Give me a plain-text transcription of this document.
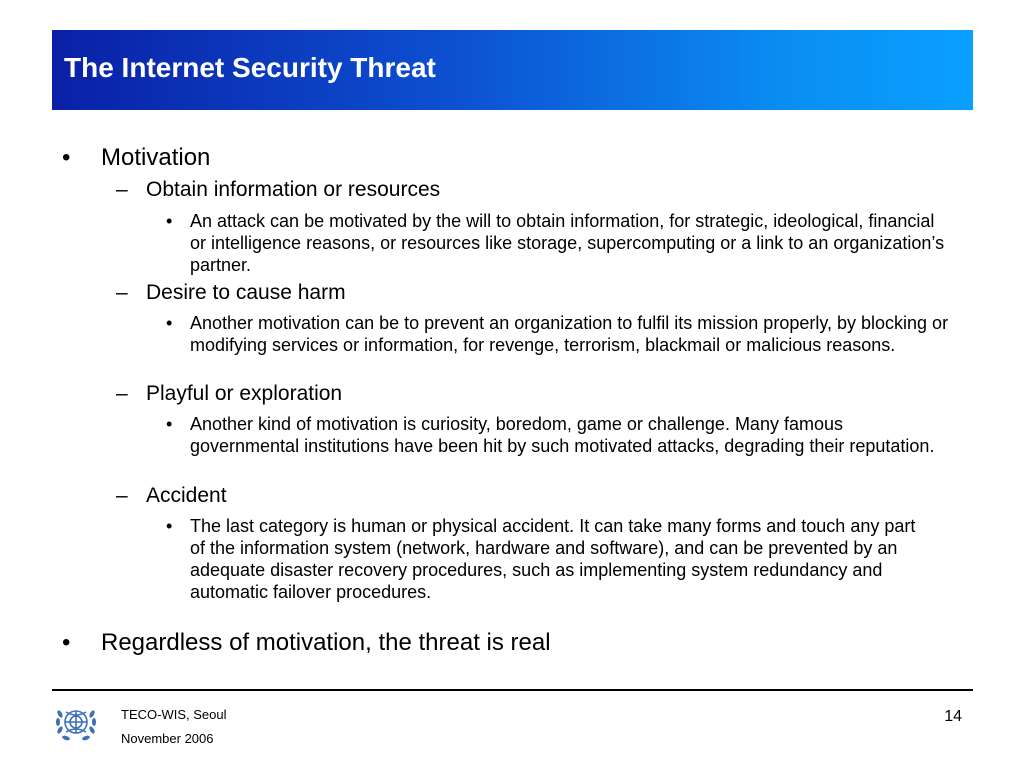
The Internet Security Threat
• Motivation
– Obtain information or resources
• An attack can be motivated by the will to obtain information, for strategic, ideological, financial or intelligence reasons, or resources like storage, supercomputing or a link to an organization’s partner.
– Desire to cause harm
• Another motivation can be to prevent an organization to fulfil its mission properly, by blocking or modifying services or information, for revenge, terrorism, blackmail or malicious reasons.
– Playful or exploration
• Another kind of motivation is curiosity, boredom, game or challenge. Many famous governmental institutions have been hit by such motivated attacks, degrading their reputation.
– Accident
• The last category is human or physical accident. It can take many forms and touch any part of the information system (network, hardware and software), and can be prevented by an adequate disaster recovery procedures, such as implementing system redundancy and automatic failover procedures.
• Regardless of motivation, the threat is real
TECO-WIS, Seoul
November 2006
14
